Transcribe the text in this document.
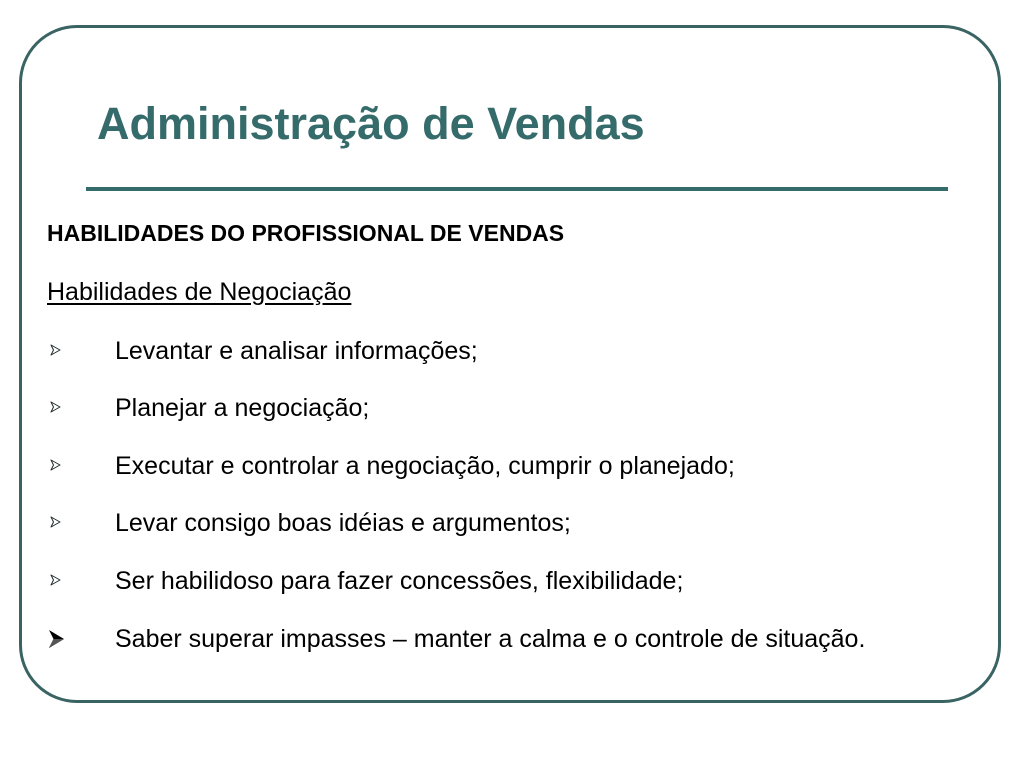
Administração de Vendas
HABILIDADES DO PROFISSIONAL DE VENDAS
Habilidades de Negociação
Levantar e analisar informações;
Planejar a negociação;
Executar e controlar a negociação, cumprir o planejado;
Levar consigo boas idéias e argumentos;
Ser habilidoso para fazer concessões, flexibilidade;
Saber superar impasses – manter a calma e o controle de situação.
